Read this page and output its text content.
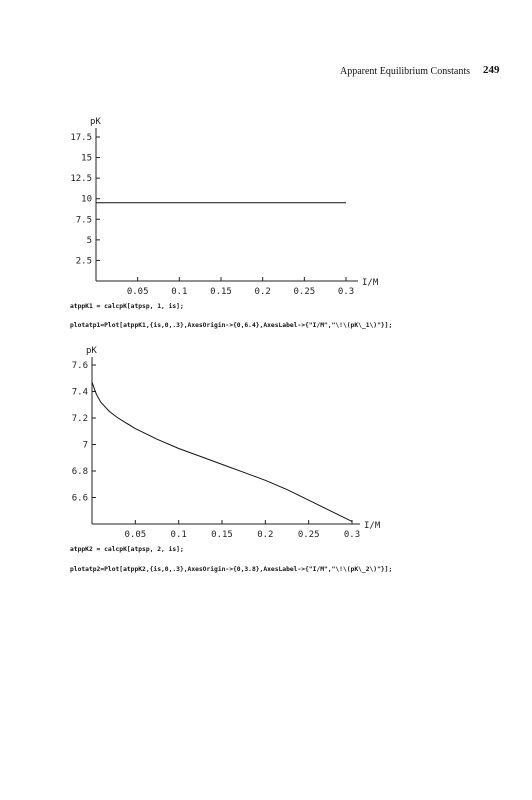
Apparent Equilibrium Constants 249
0.05	0.1	0.15	0.2	0.25	0.3
2.5
5
7.5
10
12.5
15
17.5
I/M
pK
atppK1 = calcpK[atpsp, 1, is];
plotatp1=Plot[atppK1,{is,0,.3},AxesOrigin->{0,6.4},AxesLabel->{"I/M","\!\(pK\_1\)"}];
0.05	0.1	0.15	0.2	0.25	0.3
6.6
6.8
7
7.2
7.4
7.6
I/M
pK
atppK2 = calcpK[atpsp, 2, is];
plotatp2=Plot[atppK2,{is,0,.3},AxesOrigin->{0,3.8},AxesLabel->{"I/M","\!\(pK\_2\)"}];
